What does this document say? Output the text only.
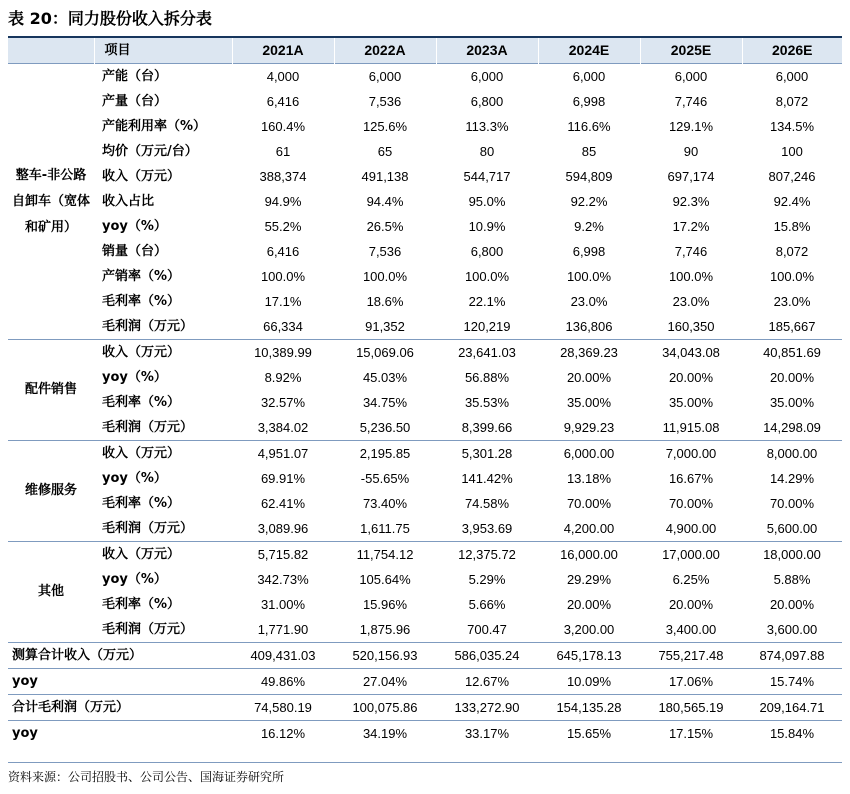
表 20：同力股份收入拆分表
	项目	2021A	2022A	2023A	2024E	2025E	2026E
整车-非公路自卸车（宽体和矿用）	产能（台）	4,000	6,000	6,000	6,000	6,000	6,000
	产量（台）	6,416	7,536	6,800	6,998	7,746	8,072
	产能利用率（%）	160.4%	125.6%	113.3%	116.6%	129.1%	134.5%
	均价（万元/台）	61	65	80	85	90	100
	收入（万元）	388,374	491,138	544,717	594,809	697,174	807,246
	收入占比	94.9%	94.4%	95.0%	92.2%	92.3%	92.4%
	yoy（%）	55.2%	26.5%	10.9%	9.2%	17.2%	15.8%
	销量（台）	6,416	7,536	6,800	6,998	7,746	8,072
	产销率（%）	100.0%	100.0%	100.0%	100.0%	100.0%	100.0%
	毛利率（%）	17.1%	18.6%	22.1%	23.0%	23.0%	23.0%
	毛利润（万元）	66,334	91,352	120,219	136,806	160,350	185,667
配件销售	收入（万元）	10,389.99	15,069.06	23,641.03	28,369.23	34,043.08	40,851.69
	yoy（%）	8.92%	45.03%	56.88%	20.00%	20.00%	20.00%
	毛利率（%）	32.57%	34.75%	35.53%	35.00%	35.00%	35.00%
	毛利润（万元）	3,384.02	5,236.50	8,399.66	9,929.23	11,915.08	14,298.09
维修服务	收入（万元）	4,951.07	2,195.85	5,301.28	6,000.00	7,000.00	8,000.00
	yoy（%）	69.91%	-55.65%	141.42%	13.18%	16.67%	14.29%
	毛利率（%）	62.41%	73.40%	74.58%	70.00%	70.00%	70.00%
	毛利润（万元）	3,089.96	1,611.75	3,953.69	4,200.00	4,900.00	5,600.00
其他	收入（万元）	5,715.82	11,754.12	12,375.72	16,000.00	17,000.00	18,000.00
	yoy（%）	342.73%	105.64%	5.29%	29.29%	6.25%	5.88%
	毛利率（%）	31.00%	15.96%	5.66%	20.00%	20.00%	20.00%
	毛利润（万元）	1,771.90	1,875.96	700.47	3,200.00	3,400.00	3,600.00
测算合计收入（万元）		409,431.03	520,156.93	586,035.24	645,178.13	755,217.48	874,097.88
yoy		49.86%	27.04%	12.67%	10.09%	17.06%	15.74%
合计毛利润（万元）		74,580.19	100,075.86	133,272.90	154,135.28	180,565.19	209,164.71
yoy		16.12%	34.19%	33.17%	15.65%	17.15%	15.84%
资料来源：公司招股书、公司公告、国海证券研究所
